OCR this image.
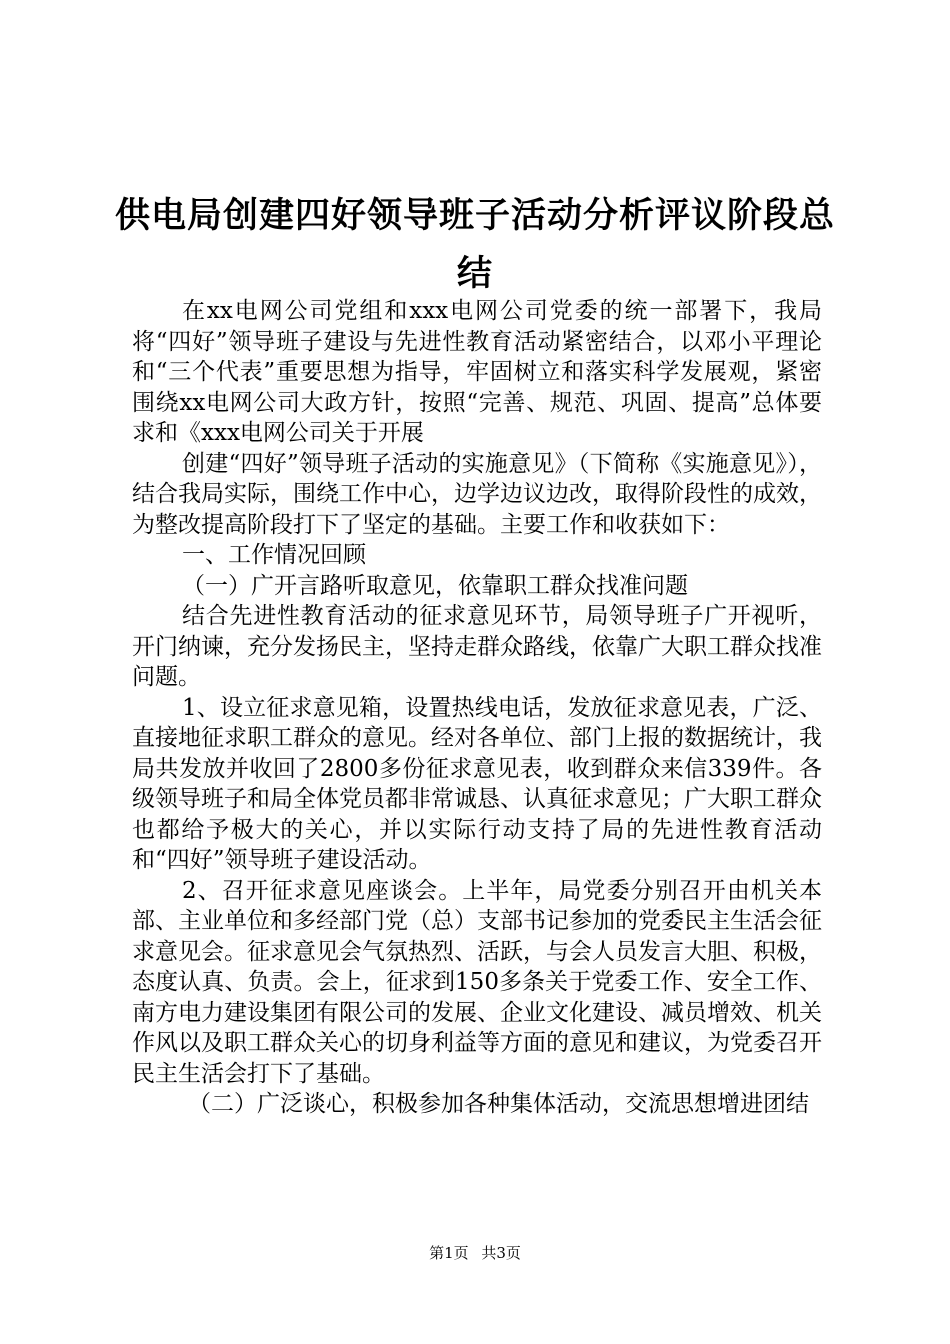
供电局创建四好领导班子活动分析评议阶段总
结

在xx电网公司党组和xxx电网公司党委的统一部署下，我局将“四好”领导班子建设与先进性教育活动紧密结合，以邓小平理论和“三个代表”重要思想为指导，牢固树立和落实科学发展观，紧密围绕xx电网公司大政方针，按照“完善、规范、巩固、提高”总体要求和《xxx电网公司关于开展

创建“四好”领导班子活动的实施意见》（下简称《实施意见》），结合我局实际，围绕工作中心，边学边议边改，取得阶段性的成效，为整改提高阶段打下了坚定的基础。主要工作和收获如下：

一、工作情况回顾

（一）广开言路听取意见，依靠职工群众找准问题

结合先进性教育活动的征求意见环节，局领导班子广开视听，开门纳谏，充分发扬民主，坚持走群众路线，依靠广大职工群众找准问题。

1、设立征求意见箱，设置热线电话，发放征求意见表，广泛、直接地征求职工群众的意见。经对各单位、部门上报的数据统计，我局共发放并收回了2800多份征求意见表，收到群众来信339件。各级领导班子和局全体党员都非常诚恳、认真征求意见；广大职工群众也都给予极大的关心，并以实际行动支持了局的先进性教育活动和“四好”领导班子建设活动。

2、召开征求意见座谈会。上半年，局党委分别召开由机关本部、主业单位和多经部门党（总）支部书记参加的党委民主生活会征求意见会。征求意见会气氛热烈、活跃，与会人员发言大胆、积极，态度认真、负责。会上，征求到150多条关于党委工作、安全工作、南方电力建设集团有限公司的发展、企业文化建设、减员增效、机关作风以及职工群众关心的切身利益等方面的意见和建议，为党委召开民主生活会打下了基础。

（二）广泛谈心，积极参加各种集体活动，交流思想增进团结

第1页 共3页
